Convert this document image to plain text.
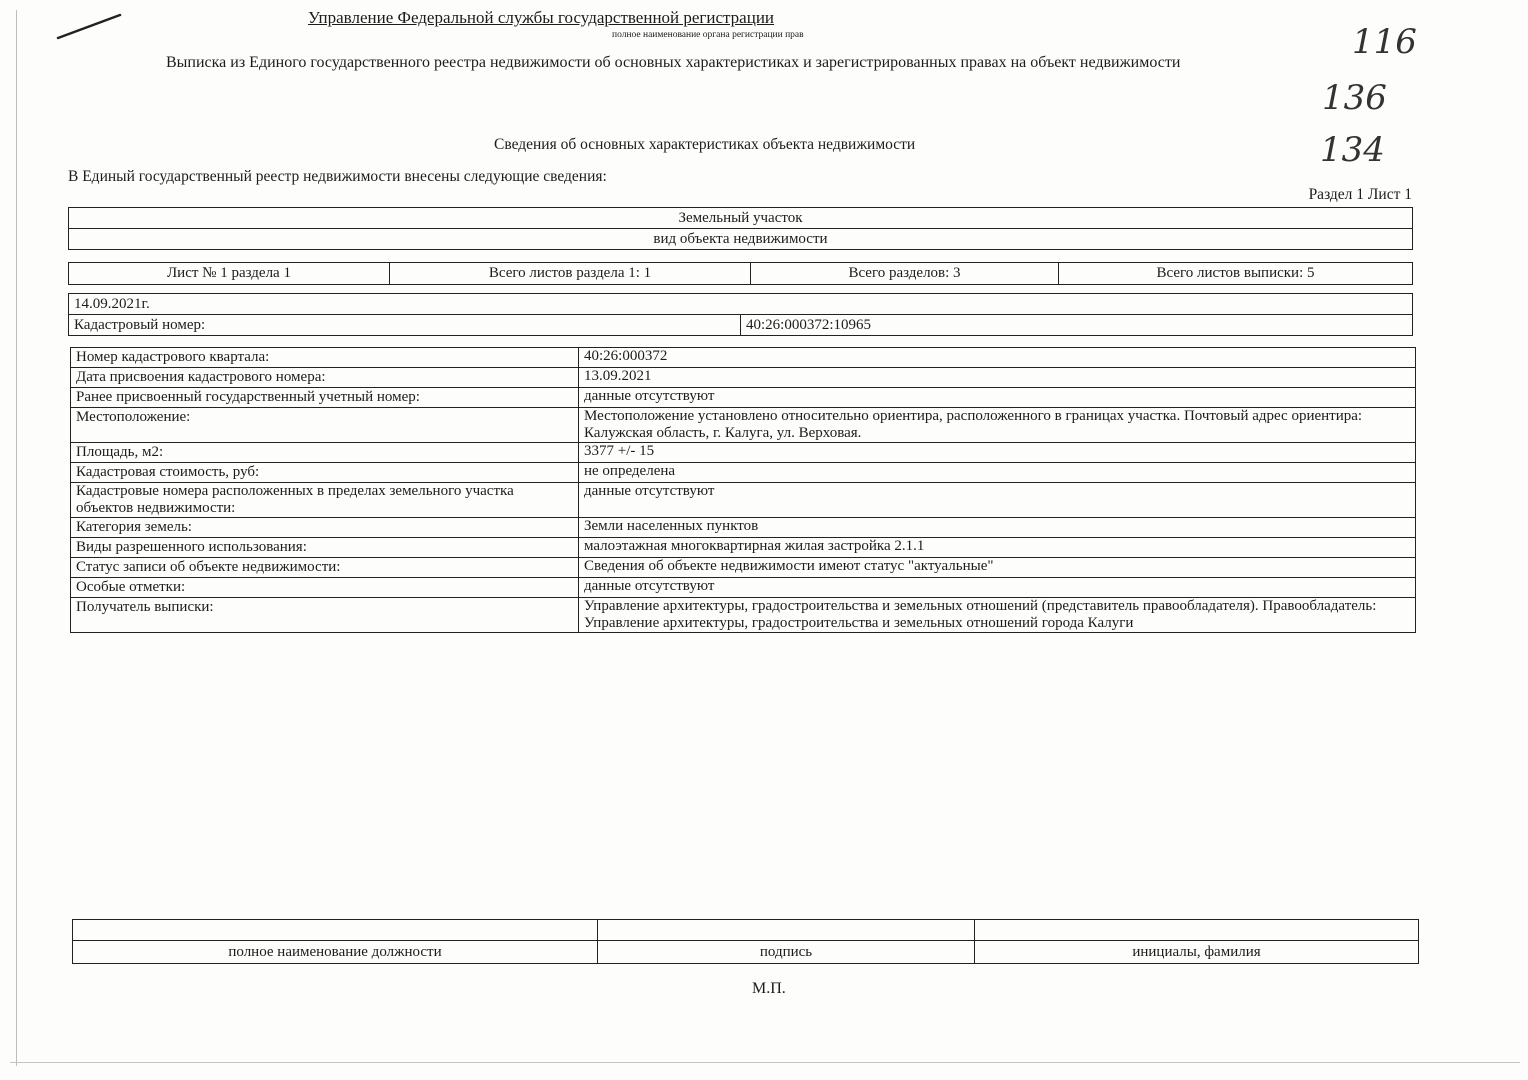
Управление Федеральной службы государственной регистрации
полное наименование органа регистрации прав
Выписка из Единого государственного реестра недвижимости об основных характеристиках и зарегистрированных правах на объект недвижимости
116
136
134
Сведения об основных характеристиках объекта недвижимости
В Единый государственный реестр недвижимости внесены следующие сведения:
Раздел 1 Лист 1
Земельный участок
вид объекта недвижимости
Лист № 1 раздела 1	Всего листов раздела 1: 1	Всего разделов: 3	Всего листов выписки: 5
14.09.2021г.
Кадастровый номер:	40:26:000372:10965
Номер кадастрового квартала:	40:26:000372
Дата присвоения кадастрового номера:	13.09.2021
Ранее присвоенный государственный учетный номер:	данные отсутствуют
Местоположение:	Местоположение установлено относительно ориентира, расположенного в границах участка. Почтовый адрес ориентира: Калужская область, г. Калуга, ул. Верховая.
Площадь, м2:	3377 +/- 15
Кадастровая стоимость, руб:	не определена
Кадастровые номера расположенных в пределах земельного участка объектов недвижимости:	данные отсутствуют
Категория земель:	Земли населенных пунктов
Виды разрешенного использования:	малоэтажная многоквартирная жилая застройка 2.1.1
Статус записи об объекте недвижимости:	Сведения об объекте недвижимости имеют статус "актуальные"
Особые отметки:	данные отсутствуют
Получатель выписки:	Управление архитектуры, градостроительства и земельных отношений (представитель правообладателя). Правообладатель: Управление архитектуры, градостроительства и земельных отношений города Калуги

полное наименование должности	подпись	инициалы, фамилия
М.П.
